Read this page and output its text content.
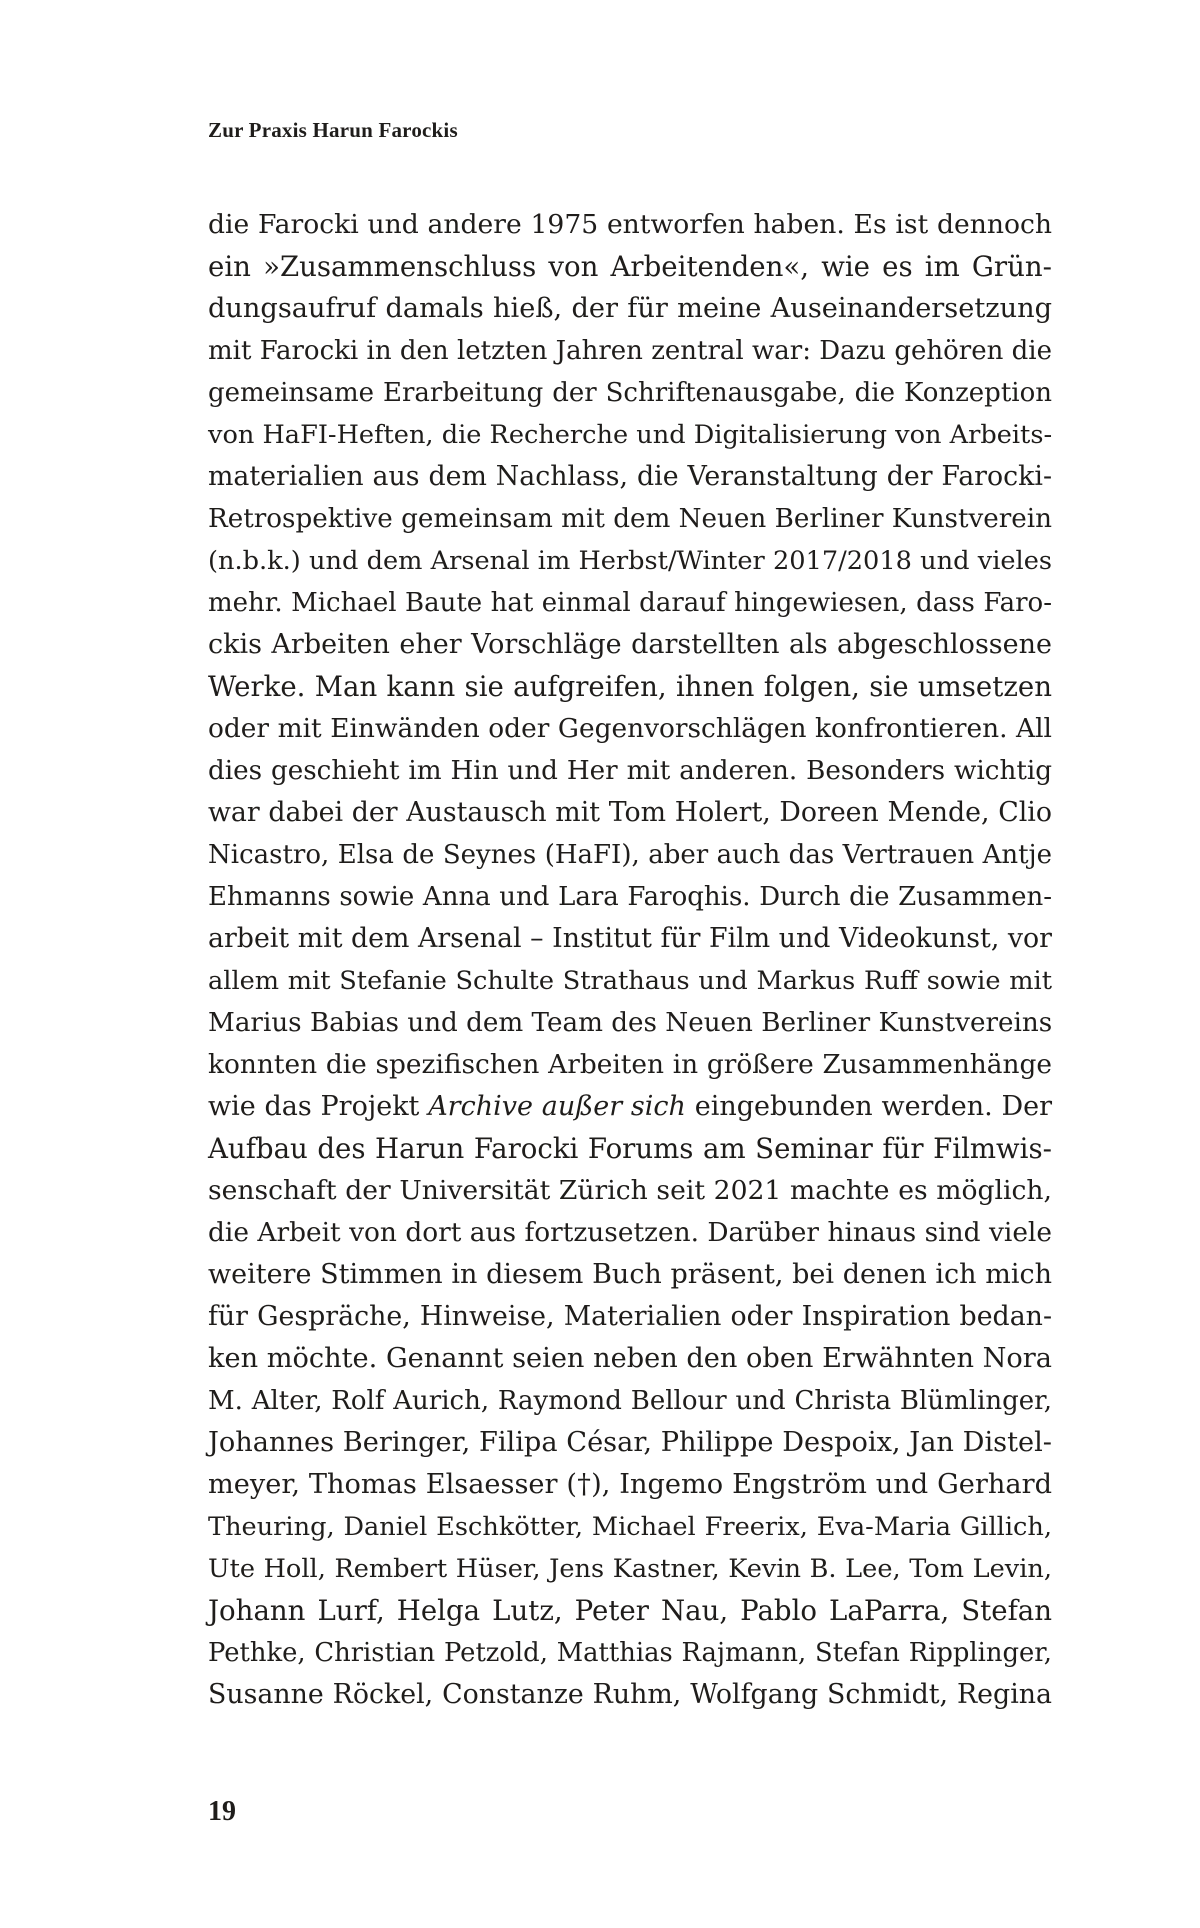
Zur Praxis Harun Farockis
die Farocki und andere 1975 entworfen haben. Es ist dennoch
ein »Zusammenschluss von Arbeitenden«, wie es im Grün-
dungsaufruf damals hieß, der für meine Auseinandersetzung
mit Farocki in den letzten Jahren zentral war: Dazu gehören die
gemeinsame Erarbeitung der Schriftenausgabe, die Konzeption
von HaFI-Heften, die Recherche und Digitalisierung von Arbeits-
materialien aus dem Nachlass, die Veranstaltung der Farocki-
Retrospektive gemeinsam mit dem Neuen Berliner Kunstverein
(n.b.k.) und dem Arsenal im Herbst/Winter 2017/2018 und vieles
mehr. Michael Baute hat einmal darauf hingewiesen, dass Faro-
ckis Arbeiten eher Vorschläge darstellten als abgeschlossene
Werke. Man kann sie aufgreifen, ihnen folgen, sie umsetzen
oder mit Einwänden oder Gegenvorschlägen konfrontieren. All
dies geschieht im Hin und Her mit anderen. Besonders wichtig
war dabei der Austausch mit Tom Holert, Doreen Mende, Clio
Nicastro, Elsa de Seynes (HaFI), aber auch das Vertrauen Antje
Ehmanns sowie Anna und Lara Faroqhis. Durch die Zusammen-
arbeit mit dem Arsenal – Institut für Film und Videokunst, vor
allem mit Stefanie Schulte Strathaus und Markus Ruff sowie mit
Marius Babias und dem Team des Neuen Berliner Kunstvereins
konnten die spezifischen Arbeiten in größere Zusammenhänge
wie das Projekt Archive außer sich eingebunden werden. Der
Aufbau des Harun Farocki Forums am Seminar für Filmwis-
senschaft der Universität Zürich seit 2021 machte es möglich,
die Arbeit von dort aus fortzusetzen. Darüber hinaus sind viele
weitere Stimmen in diesem Buch präsent, bei denen ich mich
für Gespräche, Hinweise, Materialien oder Inspiration bedan-
ken möchte. Genannt seien neben den oben Erwähnten Nora
M. Alter, Rolf Aurich, Raymond Bellour und Christa Blümlinger,
Johannes Beringer, Filipa César, Philippe Despoix, Jan Distel-
meyer, Thomas Elsaesser (†), Ingemo Engström und Gerhard
Theuring, Daniel Eschkötter, Michael Freerix, Eva-Maria Gillich,
Ute Holl, Rembert Hüser, Jens Kastner, Kevin B. Lee, Tom Levin,
Johann Lurf, Helga Lutz, Peter Nau, Pablo LaParra, Stefan
Pethke, Christian Petzold, Matthias Rajmann, Stefan Ripplinger,
Susanne Röckel, Constanze Ruhm, Wolfgang Schmidt, Regina
19
